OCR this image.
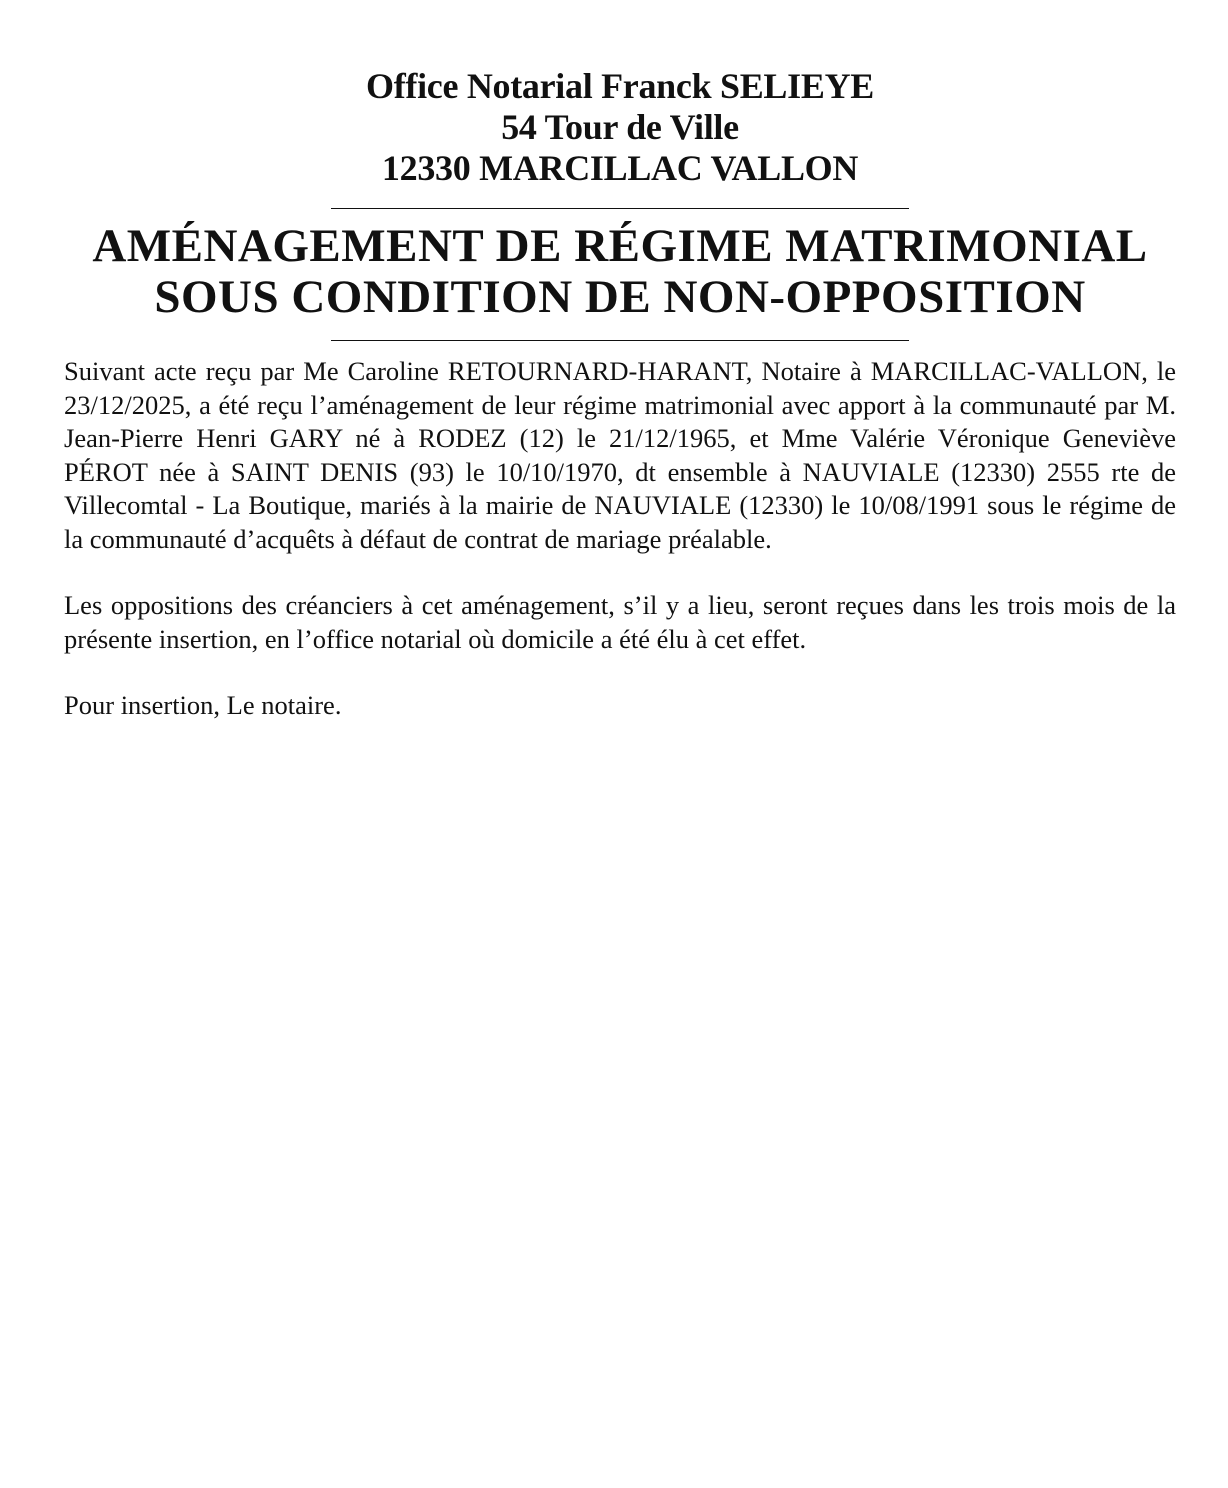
Office Notarial Franck SELIEYE
54 Tour de Ville
12330 MARCILLAC VALLON
AMÉNAGEMENT DE RÉGIME MATRIMONIAL
SOUS CONDITION DE NON-OPPOSITION

Suivant acte reçu par Me Caroline RETOURNARD-HARANT, Notaire à MARCILLAC-VALLON, le 23/12/2025, a été reçu l’aménagement de leur régime matrimonial avec apport à la communauté par M. Jean-Pierre Henri GARY né à RODEZ (12) le 21/12/1965, et Mme Valérie Véronique Geneviève PÉROT née à SAINT DENIS (93) le 10/10/1970, dt ensemble à NAUVIALE (12330) 2555 rte de Villecomtal - La Boutique, mariés à la mairie de NAUVIALE (12330) le 10/08/1991 sous le régime de la communauté d’acquêts à défaut de contrat de mariage préalable.

Les oppositions des créanciers à cet aménagement, s’il y a lieu, seront reçues dans les trois mois de la présente insertion, en l’office notarial où domicile a été élu à cet effet.

Pour insertion, Le notaire.
